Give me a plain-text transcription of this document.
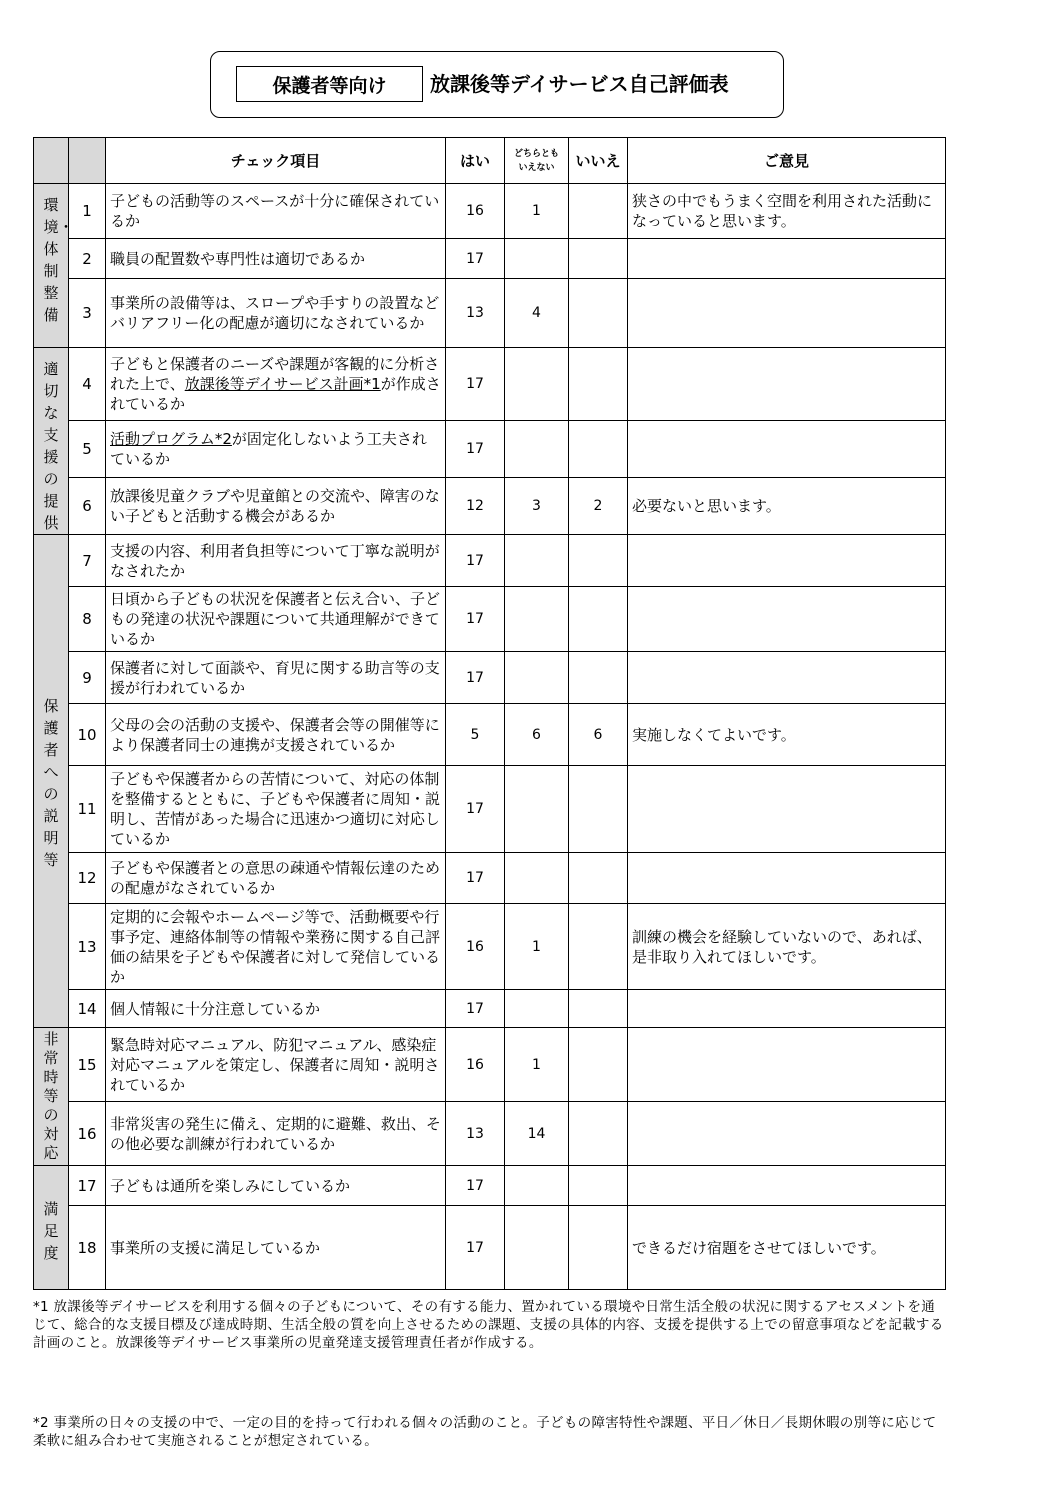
保護者等向け	放課後等デイサービス自己評価表
		チェック項目	はい	どちらとも
いえない	いいえ	ご意見

環境・体制整備	1	子どもの活動等のスペースが十分に確保されているか	16	1		狭さの中でもうまく空間を利用された活動になっていると思います。
	2	職員の配置数や専門性は適切であるか	17			
	3	事業所の設備等は、スロープや手すりの設置などバリアフリー化の配慮が適切になされているか	13	4		

適切な支援の提供	4	子どもと保護者のニーズや課題が客観的に分析された上で、放課後等デイサービス計画*1が作成されているか	17			
	5	活動プログラム*2が固定化しないよう工夫されているか	17			
	6	放課後児童クラブや児童館との交流や、障害のない子どもと活動する機会があるか	12	3	2	必要ないと思います。

保護者への説明等	7	支援の内容、利用者負担等について丁寧な説明がなされたか	17			
	8	日頃から子どもの状況を保護者と伝え合い、子どもの発達の状況や課題について共通理解ができているか	17			
	9	保護者に対して面談や、育児に関する助言等の支援が行われているか	17			
	10	父母の会の活動の支援や、保護者会等の開催等により保護者同士の連携が支援されているか	5	6	6	実施しなくてよいです。
	11	子どもや保護者からの苦情について、対応の体制を整備するとともに、子どもや保護者に周知・説明し、苦情があった場合に迅速かつ適切に対応しているか	17			
	12	子どもや保護者との意思の疎通や情報伝達のための配慮がなされているか	17			
	13	定期的に会報やホームページ等で、活動概要や行事予定、連絡体制等の情報や業務に関する自己評価の結果を子どもや保護者に対して発信しているか	16	1		訓練の機会を経験していないので、あれば、是非取り入れてほしいです。
	14	個人情報に十分注意しているか	17			

非常時等の対応	15	緊急時対応マニュアル、防犯マニュアル、感染症対応マニュアルを策定し、保護者に周知・説明されているか	16	1		
	16	非常災害の発生に備え、定期的に避難、救出、その他必要な訓練が行われているか	13	14		

満足度	17	子どもは通所を楽しみにしているか	17			
	18	事業所の支援に満足しているか	17			できるだけ宿題をさせてほしいです。
*1 放課後等デイサービスを利用する個々の子どもについて、その有する能力、置かれている環境や日常生活全般の状況に関するアセスメントを通じて、総合的な支援目標及び達成時期、生活全般の質を向上させるための課題、支援の具体的内容、支援を提供する上での留意事項などを記載する計画のこと。放課後等デイサービス事業所の児童発達支援管理責任者が作成する。
*2 事業所の日々の支援の中で、一定の目的を持って行われる個々の活動のこと。子どもの障害特性や課題、平日／休日／長期休暇の別等に応じて柔軟に組み合わせて実施されることが想定されている。
